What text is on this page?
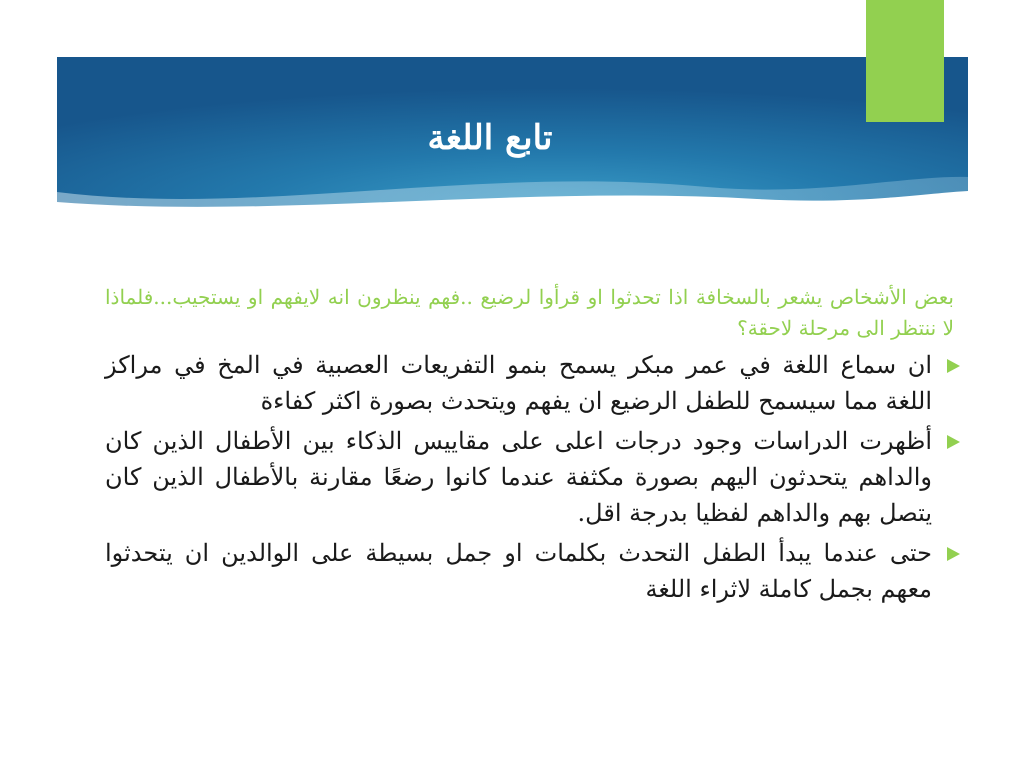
تابع اللغة

بعض الأشخاص يشعر بالسخافة اذا تحدثوا او قرأوا لرضيع ..فهم ينظرون انه لايفهم او يستجيب...فلماذا لا ننتظر الى مرحلة لاحقة؟

ان سماع اللغة في عمر مبكر يسمح بنمو التفريعات العصبية في المخ في مراكز اللغة مما سيسمح للطفل الرضيع ان يفهم ويتحدث بصورة اكثر كفاءة
أظهرت الدراسات وجود درجات اعلى على مقاييس الذكاء بين الأطفال الذين كان والداهم يتحدثون اليهم بصورة مكثفة عندما كانوا رضعًا مقارنة بالأطفال الذين كان يتصل بهم والداهم لفظيا بدرجة اقل.
حتى عندما يبدأ الطفل التحدث بكلمات او جمل بسيطة على الوالدين ان يتحدثوا معهم بجمل كاملة لاثراء اللغة
